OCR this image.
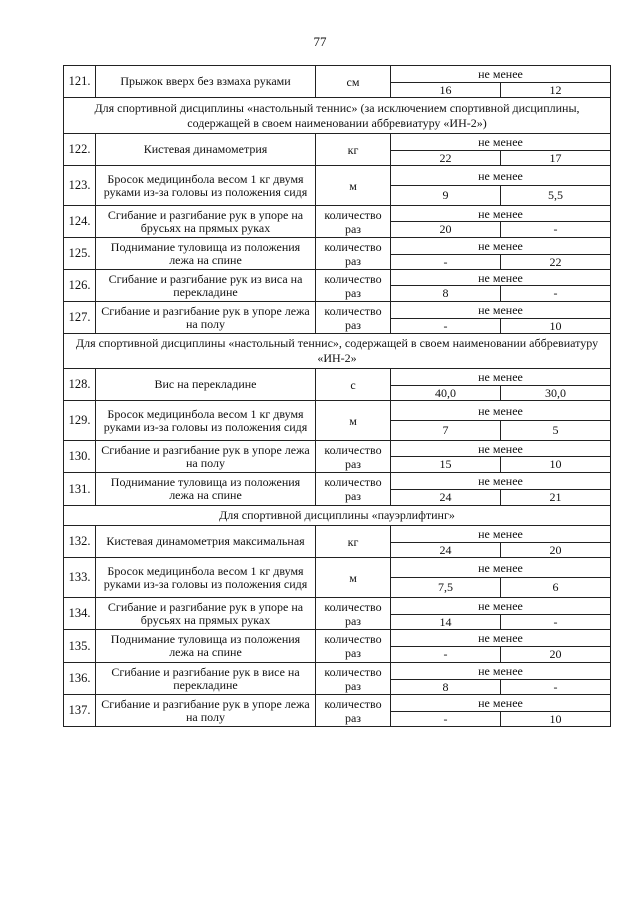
77
121.	Прыжок вверх без взмаха руками	см	не менее	
			16	12
Для спортивной дисциплины «настольный теннис» (за исключением спортивной дисциплины, содержащей в своем наименовании аббревиатуру «ИН-2»)				
122.	Кистевая динамометрия	кг	не менее	
			22	17
123.	Бросок медицинбола весом 1 кг двумя руками из-за головы из положения сидя	м	не менее	
			9	5,5
124.	Сгибание и разгибание рук в упоре на брусьях на прямых руках	количество раз	не менее	
			20	-
125.	Поднимание туловища из положения лежа на спине	количество раз	не менее	
			-	22
126.	Сгибание и разгибание рук из виса на перекладине	количество раз	не менее	
			8	-
127.	Сгибание и разгибание рук в упоре лежа на полу	количество раз	не менее	
			-	10
Для спортивной дисциплины «настольный теннис», содержащей в своем наименовании аббревиатуру «ИН-2»				
128.	Вис на перекладине	с	не менее	
			40,0	30,0
129.	Бросок медицинбола весом 1 кг двумя руками из-за головы из положения сидя	м	не менее	
			7	5
130.	Сгибание и разгибание рук в упоре лежа на полу	количество раз	не менее	
			15	10
131.	Поднимание туловища из положения лежа на спине	количество раз	не менее	
			24	21
Для спортивной дисциплины «пауэрлифтинг»				
132.	Кистевая динамометрия максимальная	кг	не менее	
			24	20
133.	Бросок медицинбола весом 1 кг двумя руками из-за головы из положения сидя	м	не менее	
			7,5	6
134.	Сгибание и разгибание рук в упоре на брусьях на прямых руках	количество раз	не менее	
			14	-
135.	Поднимание туловища из положения лежа на спине	количество раз	не менее	
			-	20
136.	Сгибание и разгибание рук в висе на перекладине	количество раз	не менее	
			8	-
137.	Сгибание и разгибание рук в упоре лежа на полу	количество раз	не менее	
			-	10
